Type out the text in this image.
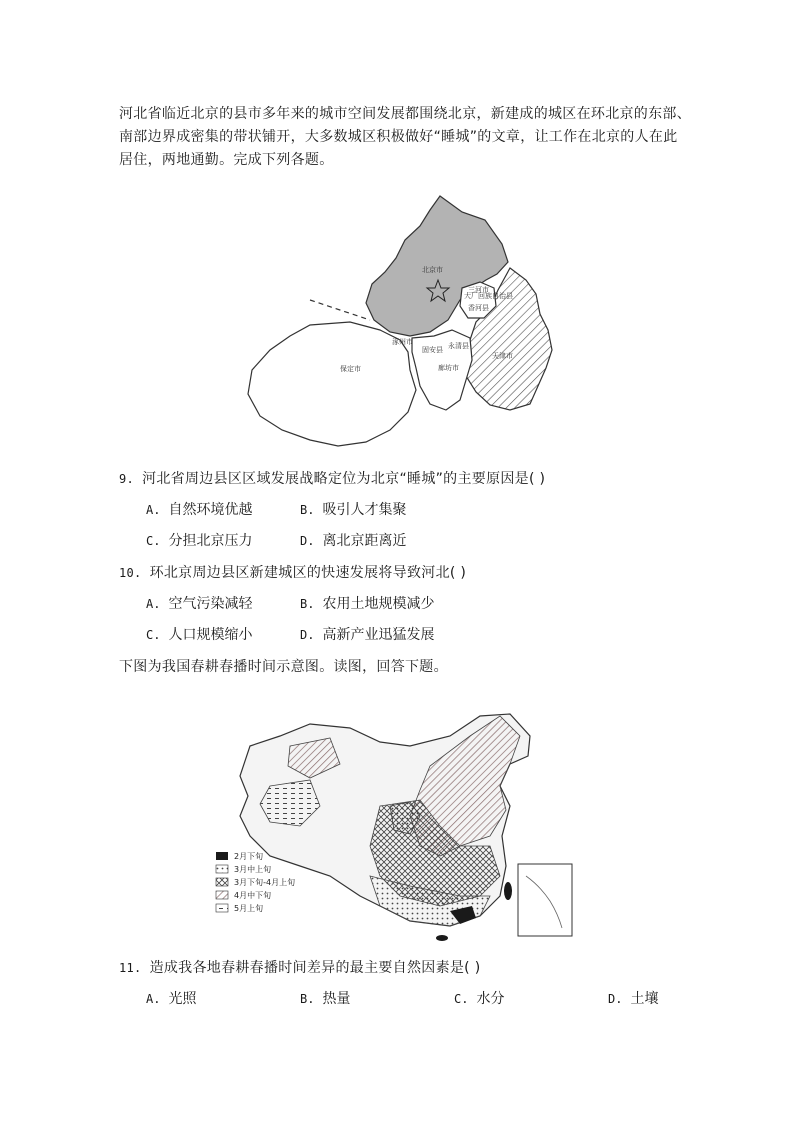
河北省临近北京的县市多年来的城市空间发展都围绕北京，新建成的城区在环北京的东部、
南部边界成密集的带状铺开，大多数城区积极做好“睡城”的文章，让工作在北京的人在此
居住，两地通勤。完成下列各题。
北京市
保定市	廊坊市
涿州市
固安县 永清县
大厂回族自治县
三河市
香河县
天津市
9. 河北省周边县区区域发展战略定位为北京“睡城”的主要原因是( )
A. 自然环境优越	B. 吸引人才集聚
C. 分担北京压力	D. 离北京距离近
10. 环北京周边县区新建城区的快速发展将导致河北( )
A. 空气污染减轻	B. 农用土地规模减少
C. 人口规模缩小	D. 高新产业迅猛发展
下图为我国春耕春播时间示意图。读图，回答下题。
2月下旬
3月中上旬
3月下旬-4月上旬
4月中下旬
5月上旬
11. 造成我各地春耕春播时间差异的最主要自然因素是( )
A. 光照	B. 热量	C. 水分	D. 土壤
